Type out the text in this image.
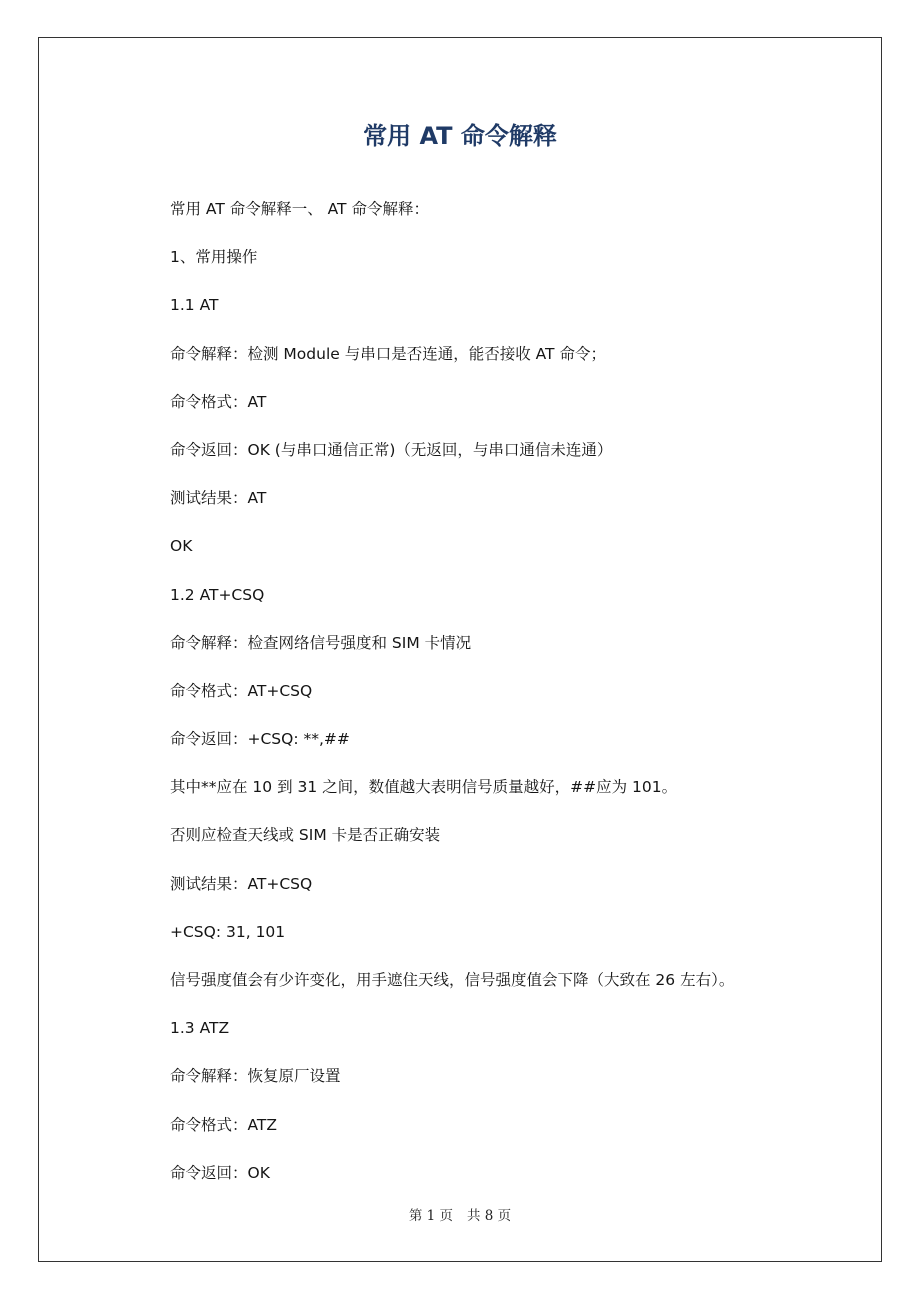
常用 AT 命令解释
常用 AT 命令解释一、 AT 命令解释：
1、常用操作
1.1 AT
命令解释：检测 Module 与串口是否连通，能否接收 AT 命令；
命令格式：AT
命令返回：OK (与串口通信正常)（无返回，与串口通信未连通）
测试结果：AT
OK
1.2 AT+CSQ
命令解释：检查网络信号强度和 SIM 卡情况
命令格式：AT+CSQ
命令返回：+CSQ: **,##
其中**应在 10 到 31 之间，数值越大表明信号质量越好，##应为 101。
否则应检查天线或 SIM 卡是否正确安装
测试结果：AT+CSQ
+CSQ: 31, 101
信号强度值会有少许变化，用手遮住天线，信号强度值会下降（大致在 26 左右）。
1.3 ATZ
命令解释：恢复原厂设置
命令格式：ATZ
命令返回：OK
第 1 页 共 8 页
